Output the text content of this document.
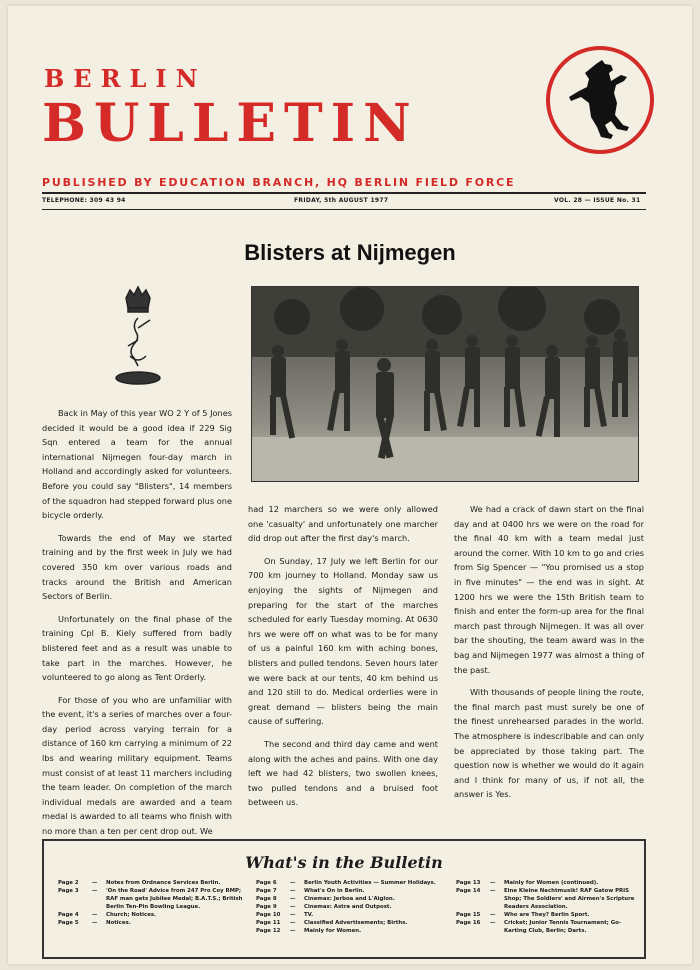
BERLIN
BULLETIN
PUBLISHED BY EDUCATION BRANCH, HQ BERLIN FIELD FORCE
TELEPHONE: 309 43 94	FRIDAY, 5th AUGUST 1977	VOL. 28 — ISSUE No. 31
Blisters at Nijmegen

Back in May of this year WO 2 Y of 5 Jones decided it would be a good idea if 229 Sig Sqn entered a team for the annual international Nijmegen four-day march in Holland and accordingly asked for volunteers. Before you could say "Blisters", 14 members of the squadron had stepped forward plus one bicycle orderly.

Towards the end of May we started training and by the first week in July we had covered 350 km over various roads and tracks around the British and American Sectors of Berlin.

Unfortunately on the final phase of the training Cpl B. Kiely suffered from badly blistered feet and as a result was unable to take part in the marches. However, he volunteered to go along as Tent Orderly.

For those of you who are unfamiliar with the event, it's a series of marches over a four-day period across varying terrain for a distance of 160 km carrying a minimum of 22 lbs and wearing military equipment. Teams must consist of at least 11 marchers including the team leader. On completion of the march individual medals are awarded and a team medal is awarded to all teams who finish with no more than a ten per cent drop out. We

had 12 marchers so we were only allowed one 'casualty' and unfortunately one marcher did drop out after the first day's march.

On Sunday, 17 July we left Berlin for our 700 km journey to Holland. Monday saw us enjoying the sights of Nijmegen and preparing for the start of the marches scheduled for early Tuesday morning. At 0630 hrs we were off on what was to be for many of us a painful 160 km with aching bones, blisters and pulled tendons. Seven hours later we were back at our tents, 40 km behind us and 120 still to do. Medical orderlies were in great demand — blisters being the main cause of suffering.

The second and third day came and went along with the aches and pains. With one day left we had 42 blisters, two swollen knees, two pulled tendons and a bruised foot between us.

We had a crack of dawn start on the final day and at 0400 hrs we were on the road for the final 40 km with a team medal just around the corner. With 10 km to go and cries from Sig Spencer — "You promised us a stop in five minutes" — the end was in sight. At 1200 hrs we were the 15th British team to finish and enter the form-up area for the final march past through Nijmegen. It was all over bar the shouting, the team award was in the bag and Nijmegen 1977 was almost a thing of the past.

With thousands of people lining the route, the final march past must surely be one of the finest unrehearsed parades in the world. The atmosphere is indescribable and can only be appreciated by those taking part. The question now is whether we would do it again and I think for many of us, if not all, the answer is Yes.

What's in the Bulletin
Page 2	—	Notes from Ordnance Services Berlin.
Page 3	—	'On the Road' Advice from 247 Pro Coy RMP; RAF man gets Jubilee Medal; B.A.T.S.; British Berlin Ten-Pin Bowling League.
Page 4	—	Church; Notices.
Page 5	—	Notices.
Page 6	—	Berlin Youth Activities — Summer Holidays.
Page 7	—	What's On in Berlin.
Page 8	—	Cinemas: Jerboa and L'Aiglon.
Page 9	—	Cinemas: Astra and Outpost.
Page 10	—	TV.
Page 11	—	Classified Advertisements; Births.
Page 12	—	Mainly for Women.
Page 13	—	Mainly for Women (continued).
Page 14	—	Eine Kleine Nachtmusik! RAF Gatow PRIS Shop; The Soldiers' and Airmen's Scripture Readers Association.
Page 15	—	Who are They? Berlin Sport.
Page 16	—	Cricket; Junior Tennis Tournament; Go-Karting Club, Berlin; Darts.
